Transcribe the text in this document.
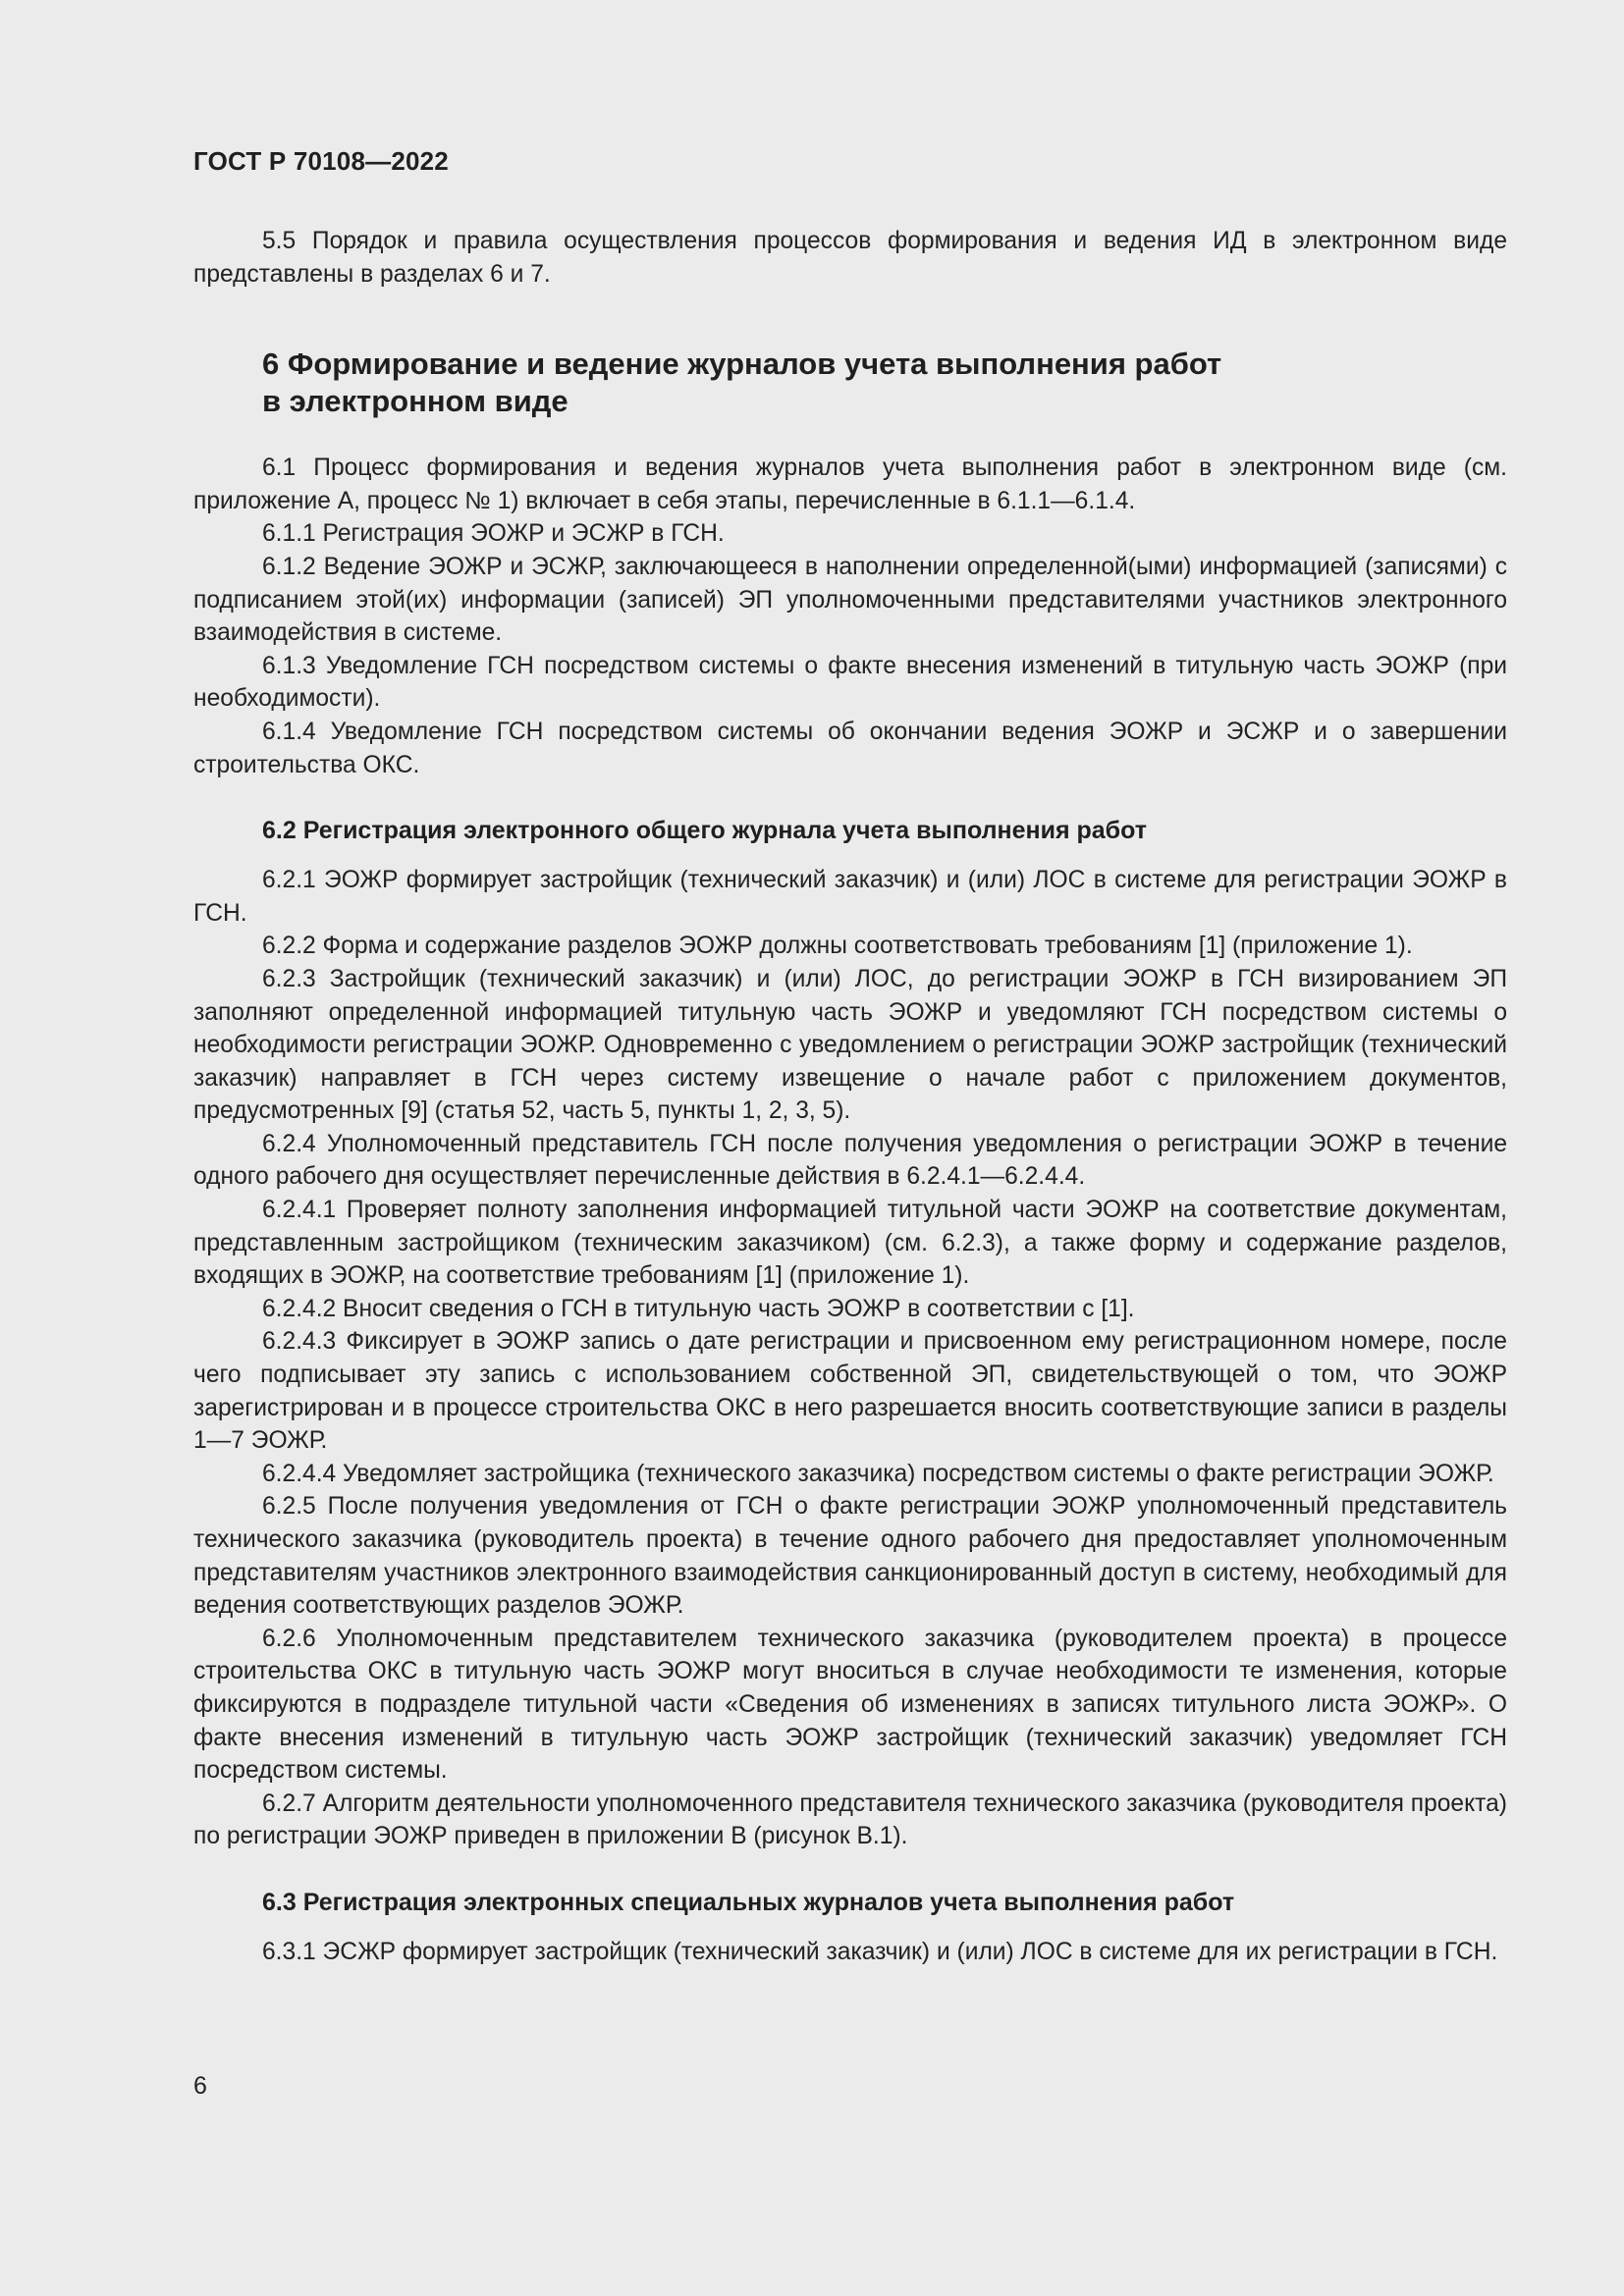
ГОСТ Р 70108—2022

5.5 Порядок и правила осуществления процессов формирования и ведения ИД в электронном виде представлены в разделах 6 и 7.

6 Формирование и ведение журналов учета выполнения работ
в электронном виде

6.1 Процесс формирования и ведения журналов учета выполнения работ в электронном виде (см. приложение А, процесс № 1) включает в себя этапы, перечисленные в 6.1.1—6.1.4.

6.1.1 Регистрация ЭОЖР и ЭСЖР в ГСН.

6.1.2 Ведение ЭОЖР и ЭСЖР, заключающееся в наполнении определенной(ыми) информацией (записями) с подписанием этой(их) информации (записей) ЭП уполномоченными представителями участников электронного взаимодействия в системе.

6.1.3 Уведомление ГСН посредством системы о факте внесения изменений в титульную часть ЭОЖР (при необходимости).

6.1.4 Уведомление ГСН посредством системы об окончании ведения ЭОЖР и ЭСЖР и о завершении строительства ОКС.

6.2 Регистрация электронного общего журнала учета выполнения работ

6.2.1 ЭОЖР формирует застройщик (технический заказчик) и (или) ЛОС в системе для регистрации ЭОЖР в ГСН.

6.2.2 Форма и содержание разделов ЭОЖР должны соответствовать требованиям [1] (приложение 1).

6.2.3 Застройщик (технический заказчик) и (или) ЛОС, до регистрации ЭОЖР в ГСН визированием ЭП заполняют определенной информацией титульную часть ЭОЖР и уведомляют ГСН посредством системы о необходимости регистрации ЭОЖР. Одновременно с уведомлением о регистрации ЭОЖР застройщик (технический заказчик) направляет в ГСН через систему извещение о начале работ с приложением документов, предусмотренных [9] (статья 52, часть 5, пункты 1, 2, 3, 5).

6.2.4 Уполномоченный представитель ГСН после получения уведомления о регистрации ЭОЖР в течение одного рабочего дня осуществляет перечисленные действия в 6.2.4.1—6.2.4.4.

6.2.4.1 Проверяет полноту заполнения информацией титульной части ЭОЖР на соответствие документам, представленным застройщиком (техническим заказчиком) (см. 6.2.3), а также форму и содержание разделов, входящих в ЭОЖР, на соответствие требованиям [1] (приложение 1).

6.2.4.2 Вносит сведения о ГСН в титульную часть ЭОЖР в соответствии с [1].

6.2.4.3 Фиксирует в ЭОЖР запись о дате регистрации и присвоенном ему регистрационном номере, после чего подписывает эту запись с использованием собственной ЭП, свидетельствующей о том, что ЭОЖР зарегистрирован и в процессе строительства ОКС в него разрешается вносить соответствующие записи в разделы 1—7 ЭОЖР.

6.2.4.4 Уведомляет застройщика (технического заказчика) посредством системы о факте регистрации ЭОЖР.

6.2.5 После получения уведомления от ГСН о факте регистрации ЭОЖР уполномоченный представитель технического заказчика (руководитель проекта) в течение одного рабочего дня предоставляет уполномоченным представителям участников электронного взаимодействия санкционированный доступ в систему, необходимый для ведения соответствующих разделов ЭОЖР.

6.2.6 Уполномоченным представителем технического заказчика (руководителем проекта) в процессе строительства ОКС в титульную часть ЭОЖР могут вноситься в случае необходимости те изменения, которые фиксируются в подразделе титульной части «Сведения об изменениях в записях титульного листа ЭОЖР». О факте внесения изменений в титульную часть ЭОЖР застройщик (технический заказчик) уведомляет ГСН посредством системы.

6.2.7 Алгоритм деятельности уполномоченного представителя технического заказчика (руководителя проекта) по регистрации ЭОЖР приведен в приложении В (рисунок В.1).

6.3 Регистрация электронных специальных журналов учета выполнения работ

6.3.1 ЭСЖР формирует застройщик (технический заказчик) и (или) ЛОС в системе для их регистрации в ГСН.

6
